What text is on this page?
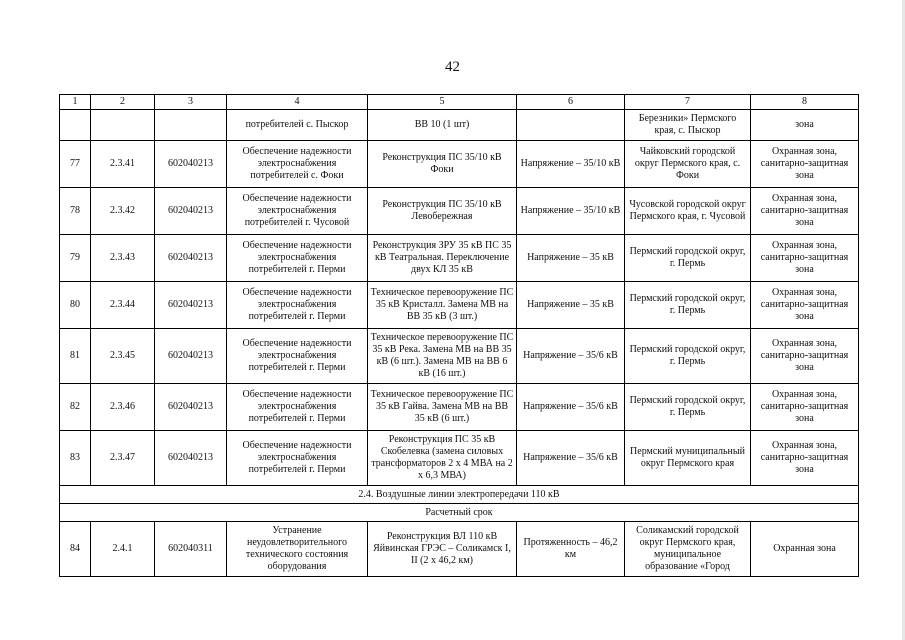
42
1	2	3	4	5	6	7	8
			потребителей с. Пыскор	ВВ 10 (1 шт)		Березники» Пермского края, с. Пыскор	зона
77	2.3.41	602040213	Обеспечение надежности электроснабжения потребителей с. Фоки	Реконструкция ПС 35/10 кВ Фоки	Напряжение – 35/10 кВ	Чайковский городской округ Пермского края, с. Фоки	Охранная зона, санитарно-защитная зона
78	2.3.42	602040213	Обеспечение надежности электроснабжения потребителей г. Чусовой	Реконструкция ПС 35/10 кВ Левобережная	Напряжение – 35/10 кВ	Чусовской городской округ Пермского края, г. Чусовой	Охранная зона, санитарно-защитная зона
79	2.3.43	602040213	Обеспечение надежности электроснабжения потребителей г. Перми	Реконструкция ЗРУ 35 кВ ПС 35 кВ Театральная. Переключение двух КЛ 35 кВ	Напряжение – 35 кВ	Пермский городской округ, г. Пермь	Охранная зона, санитарно-защитная зона
80	2.3.44	602040213	Обеспечение надежности электроснабжения потребителей г. Перми	Техническое перевооружение ПС 35 кВ Кристалл. Замена МВ на ВВ 35 кВ (3 шт.)	Напряжение – 35 кВ	Пермский городской округ, г. Пермь	Охранная зона, санитарно-защитная зона
81	2.3.45	602040213	Обеспечение надежности электроснабжения потребителей г. Перми	Техническое перевооружение ПС 35 кВ Река. Замена МВ на ВВ 35 кВ (6 шт.). Замена МВ на ВВ 6 кВ (16 шт.)	Напряжение – 35/6 кВ	Пермский городской округ, г. Пермь	Охранная зона, санитарно-защитная зона
82	2.3.46	602040213	Обеспечение надежности электроснабжения потребителей г. Перми	Техническое перевооружение ПС 35 кВ Гайва. Замена МВ на ВВ 35 кВ (6 шт.)	Напряжение – 35/6 кВ	Пермский городской округ, г. Пермь	Охранная зона, санитарно-защитная зона
83	2.3.47	602040213	Обеспечение надежности электроснабжения потребителей г. Перми	Реконструкция ПС 35 кВ Скобелевка (замена силовых трансформаторов 2 х 4 МВА на 2 х 6,3 МВА)	Напряжение – 35/6 кВ	Пермский муниципальный округ Пермского края	Охранная зона, санитарно-защитная зона
2.4. Воздушные линии электропередачи 110 кВ							
Расчетный срок							
84	2.4.1	602040311	Устранение неудовлетворительного технического состояния оборудования	Реконструкция ВЛ 110 кВ Яйвинская ГРЭС – Соликамск I, II (2 х 46,2 км)	Протяженность – 46,2 км	Соликамский городской округ Пермского края, муниципальное образование «Город	Охранная зона
